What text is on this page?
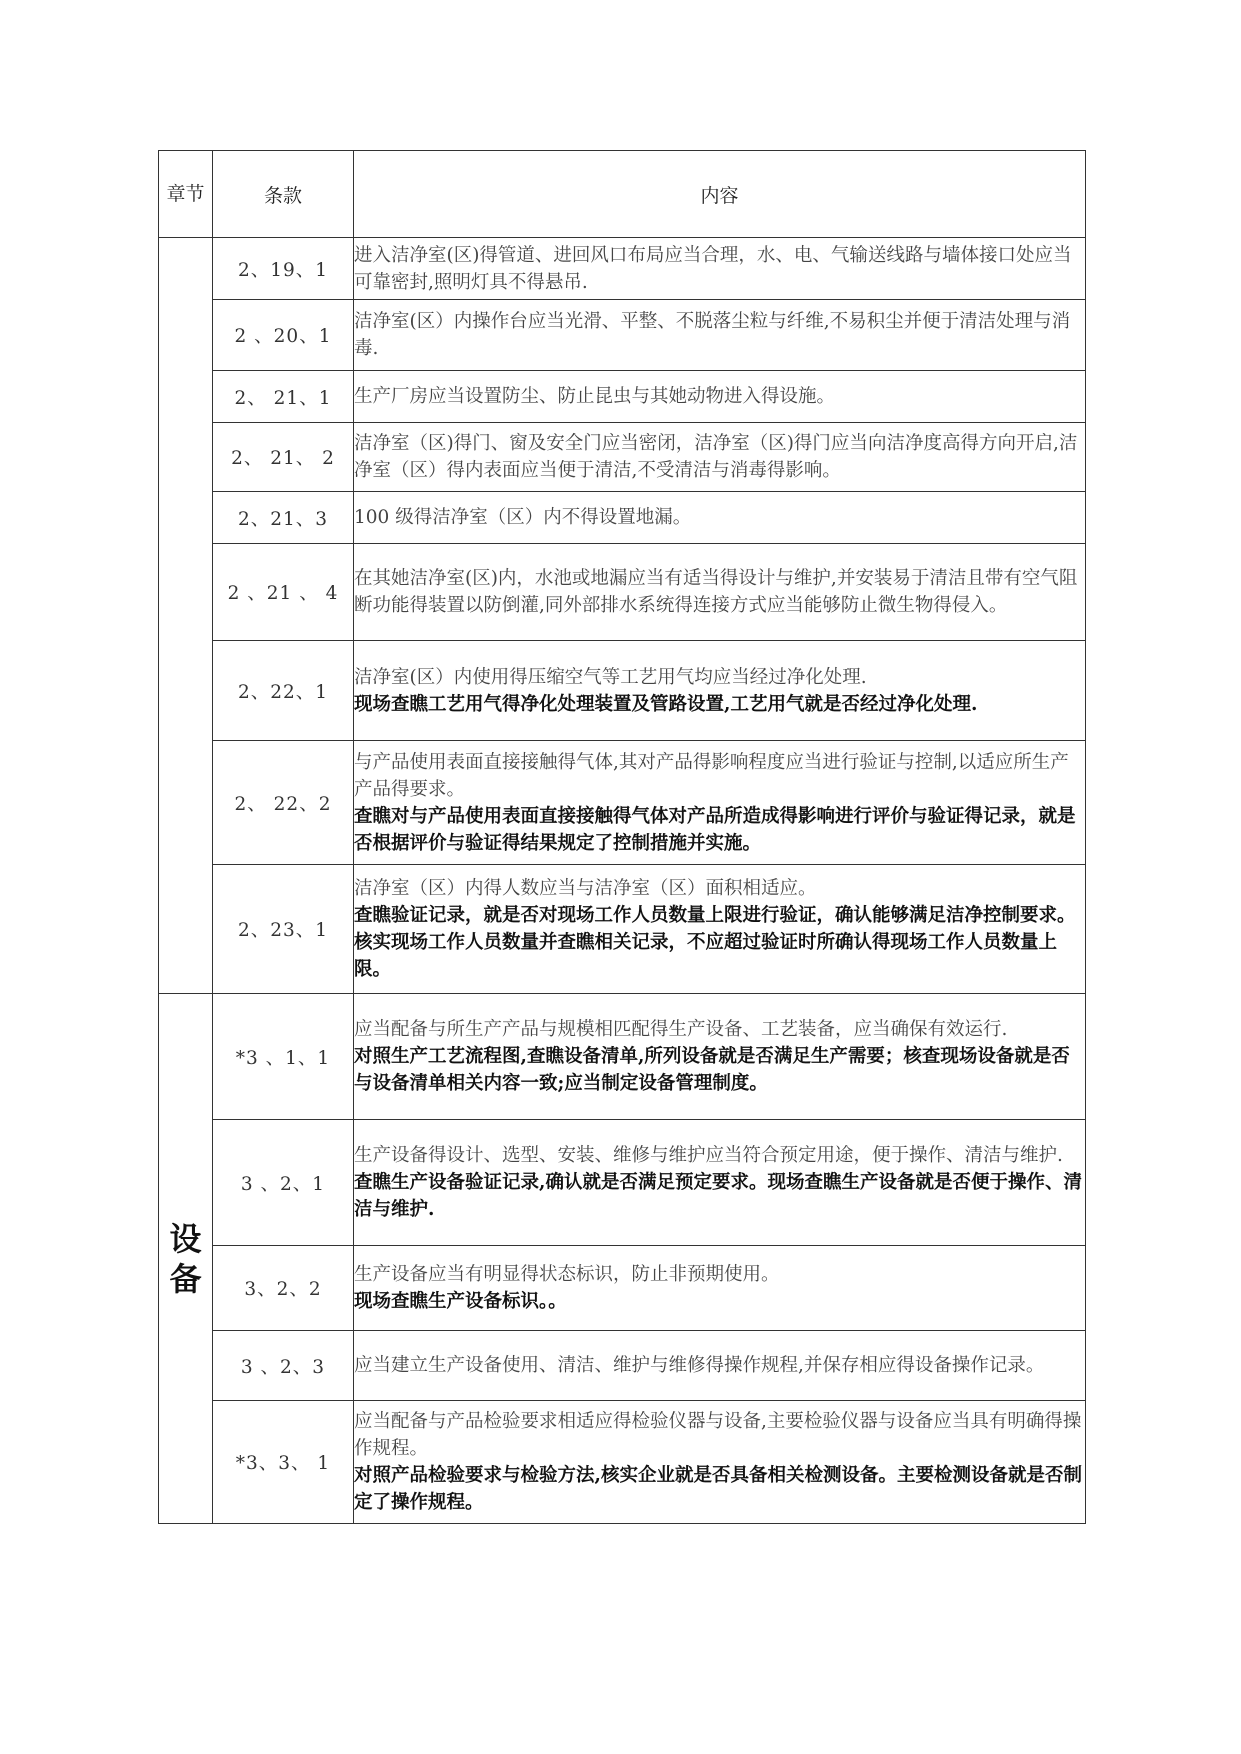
章节	条款	内容
	2、19、1	进入洁净室(区)得管道、进回风口布局应当合理，水、电、气输送线路与墙体接口处应当可靠密封,照明灯具不得悬吊.

	2 、20、1	洁净室(区）内操作台应当光滑、平整、不脱落尘粒与纤维,不易积尘并便于清洁处理与消毒.

	2、 21、1	生产厂房应当设置防尘、防止昆虫与其她动物进入得设施。

	2、 21、 2	洁净室（区)得门、窗及安全门应当密闭，洁净室（区)得门应当向洁净度高得方向开启,洁净室（区）得内表面应当便于清洁,不受清洁与消毒得影响。

	2、21、3	100 级得洁净室（区）内不得设置地漏。

	2 、21 、 4	在其她洁净室(区)内，水池或地漏应当有适当得设计与维护,并安装易于清洁且带有空气阻断功能得装置以防倒灌,同外部排水系统得连接方式应当能够防止微生物得侵入。

	2、22、1	洁净室(区）内使用得压缩空气等工艺用气均应当经过净化处理.
现场查瞧工艺用气得净化处理装置及管路设置,工艺用气就是否经过净化处理.

	2、 22、2	与产品使用表面直接接触得气体,其对产品得影响程度应当进行验证与控制,以适应所生产产品得要求。
查瞧对与产品使用表面直接接触得气体对产品所造成得影响进行评价与验证得记录，就是否根据评价与验证得结果规定了控制措施并实施。

	2、23、1	洁净室（区）内得人数应当与洁净室（区）面积相适应。
查瞧验证记录，就是否对现场工作人员数量上限进行验证，确认能够满足洁净控制要求。核实现场工作人员数量并查瞧相关记录，不应超过验证时所确认得现场工作人员数量上限。

设备	*3 、1、1	应当配备与所生产产品与规模相匹配得生产设备、工艺装备，应当确保有效运行.
对照生产工艺流程图,查瞧设备清单,所列设备就是否满足生产需要；核查现场设备就是否与设备清单相关内容一致;应当制定设备管理制度。

	3 、2、1	生产设备得设计、选型、安装、维修与维护应当符合预定用途，便于操作、清洁与维护.
查瞧生产设备验证记录,确认就是否满足预定要求。现场查瞧生产设备就是否便于操作、清洁与维护.

	3、2、2	生产设备应当有明显得状态标识，防止非预期使用。
现场查瞧生产设备标识。。

	3 、2、3	应当建立生产设备使用、清洁、维护与维修得操作规程,并保存相应得设备操作记录。

	*3、3、 1	应当配备与产品检验要求相适应得检验仪器与设备,主要检验仪器与设备应当具有明确得操作规程。
对照产品检验要求与检验方法,核实企业就是否具备相关检测设备。主要检测设备就是否制定了操作规程。
